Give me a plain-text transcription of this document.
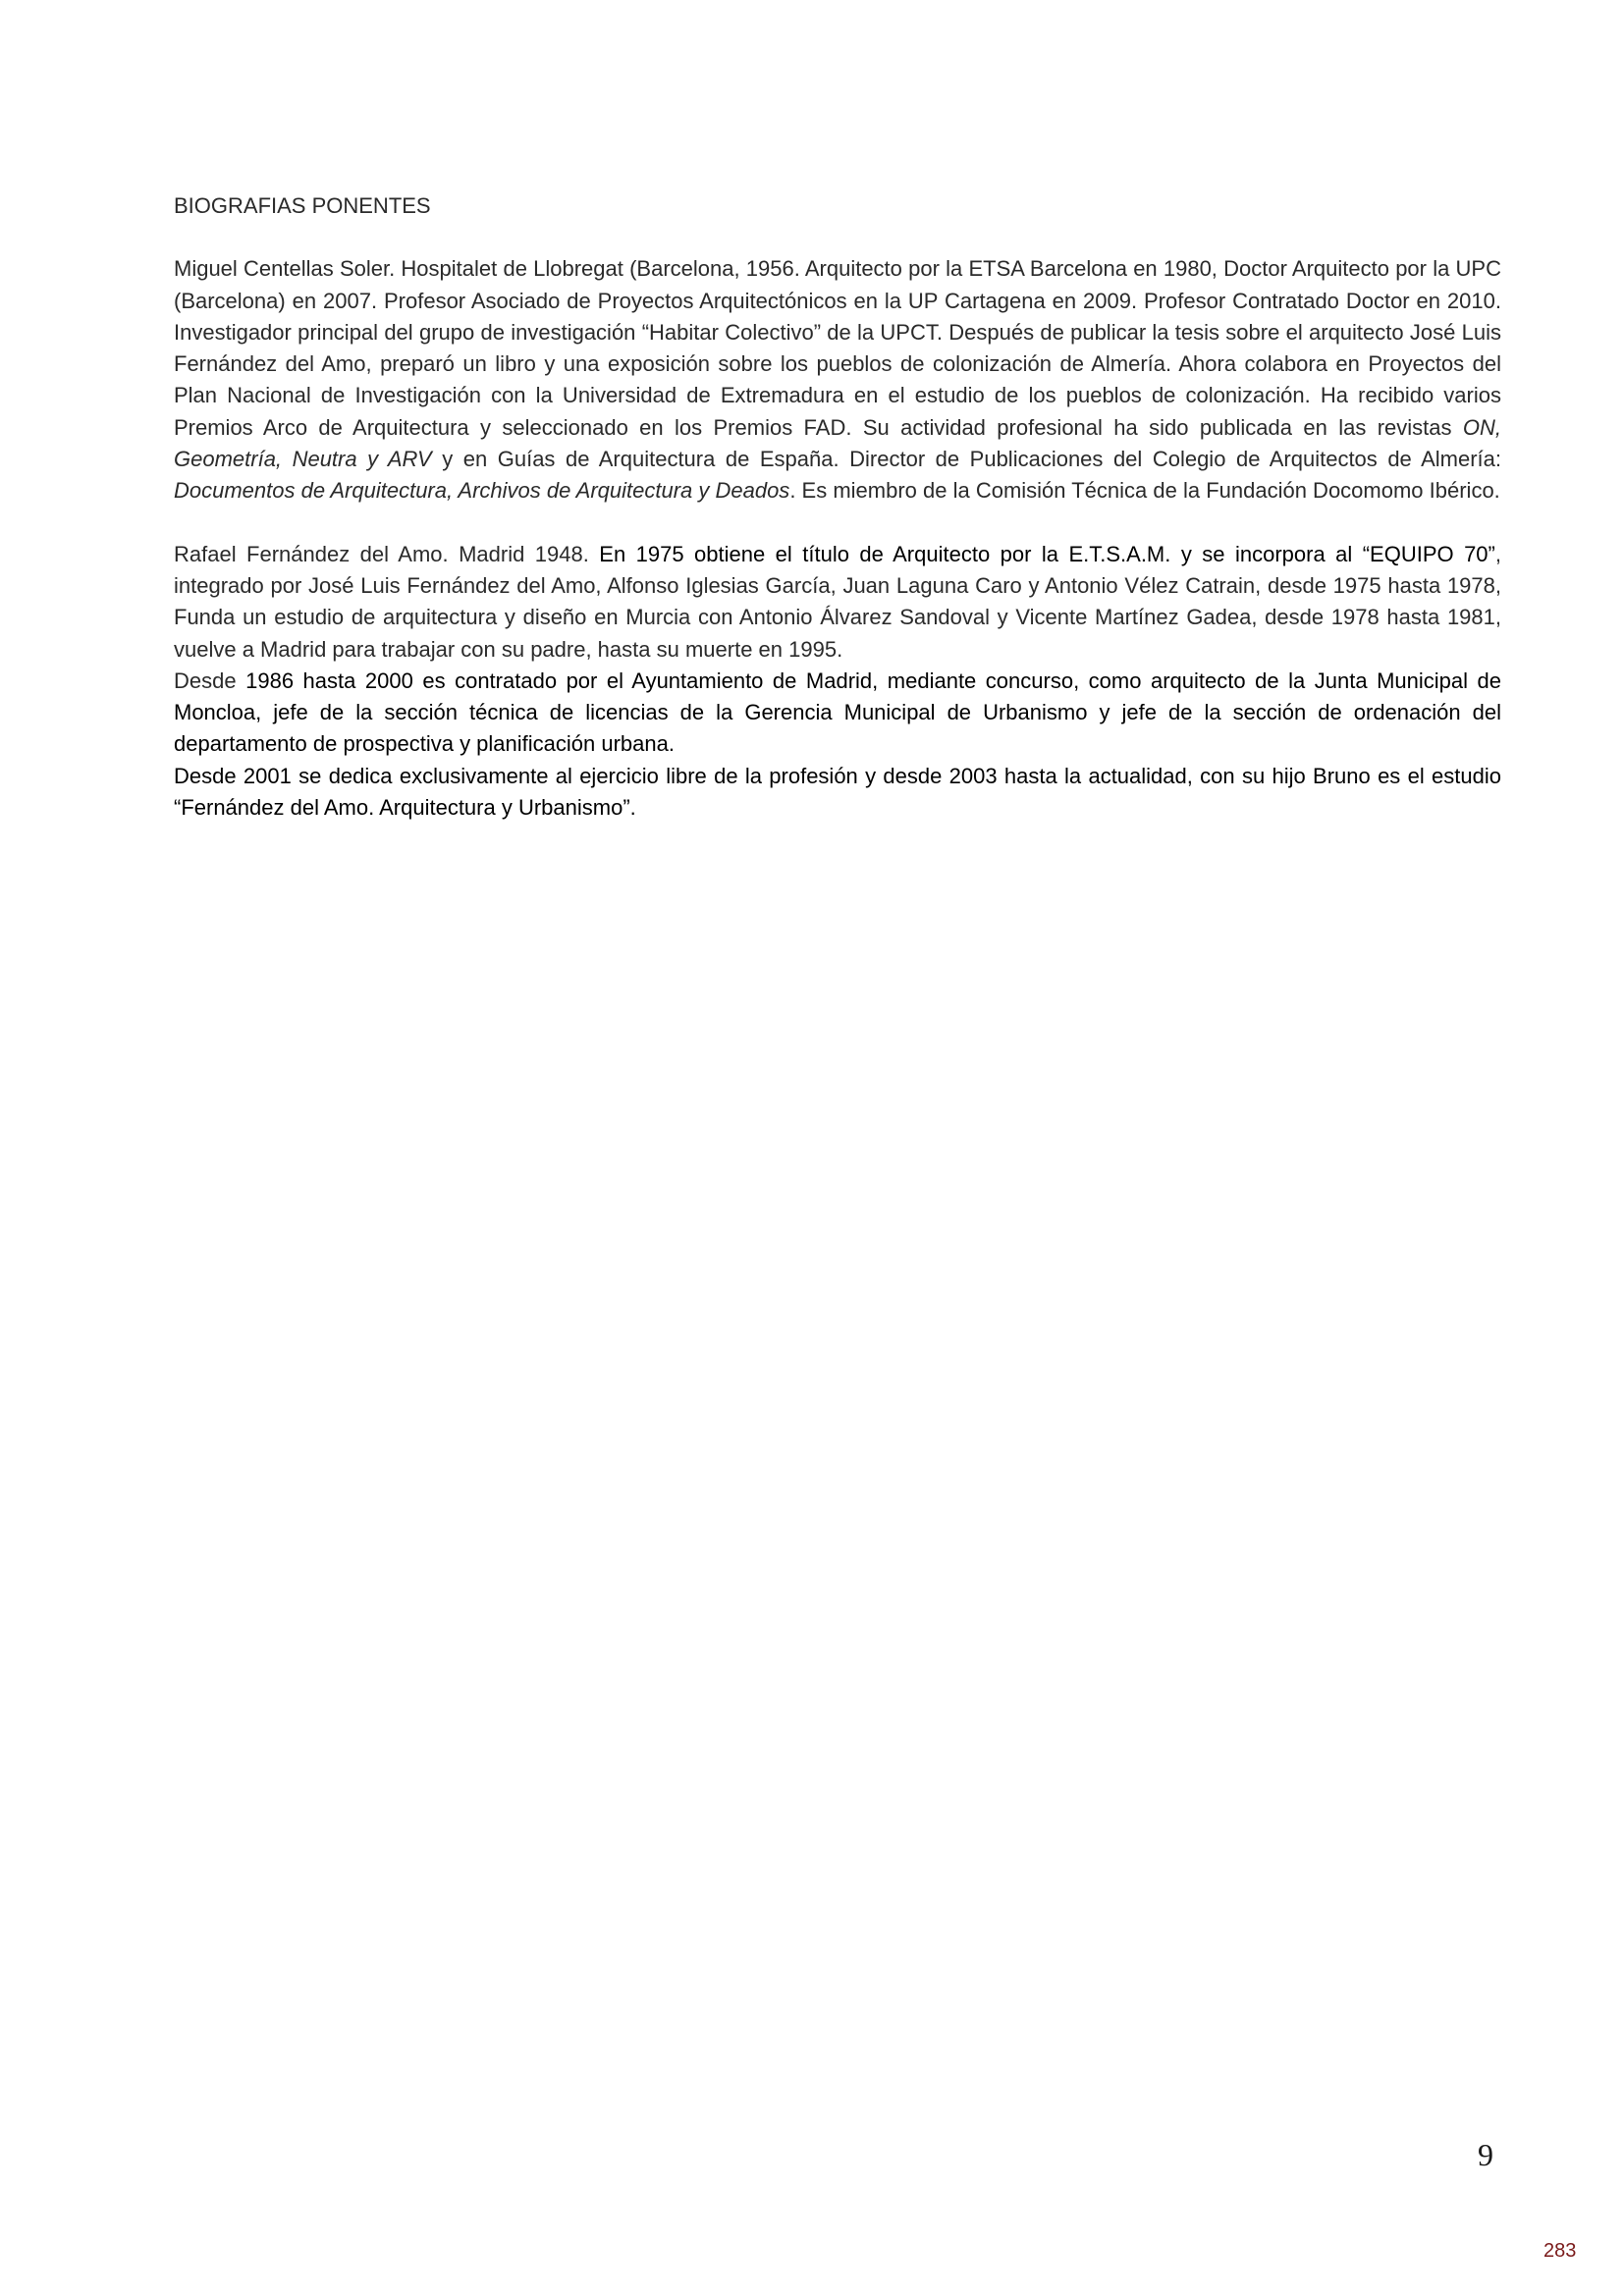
BIOGRAFIAS PONENTES

Miguel Centellas Soler. Hospitalet de Llobregat (Barcelona, 1956. Arquitecto por la ETSA Barcelona en 1980, Doctor Arquitecto por la UPC (Barcelona) en 2007. Profesor Asociado de Proyectos Arquitectónicos en la UP Cartagena en 2009. Profesor Contratado Doctor en 2010. Investigador principal del grupo de investigación “Habitar Colectivo” de la UPCT. Después de publicar la tesis sobre el arquitecto José Luis Fernández del Amo, preparó un libro y una exposición sobre los pueblos de colonización de Almería. Ahora colabora en Proyectos del Plan Nacional de Investigación con la Universidad de Extremadura en el estudio de los pueblos de colonización. Ha recibido varios Premios Arco de Arquitectura y seleccionado en los Premios FAD. Su actividad profesional ha sido publicada en las revistas ON, Geometría, Neutra y ARV y en Guías de Arquitectura de España. Director de Publicaciones del Colegio de Arquitectos de Almería: Documentos de Arquitectura, Archivos de Arquitectura y Deados. Es miembro de la Comisión Técnica de la Fundación Docomomo Ibérico.

Rafael Fernández del Amo. Madrid 1948. En 1975 obtiene el título de Arquitecto por la E.T.S.A.M. y se incorpora al “EQUIPO 70”, integrado por José Luis Fernández del Amo, Alfonso Iglesias García, Juan Laguna Caro y Antonio Vélez Catrain, desde 1975 hasta 1978, Funda un estudio de arquitectura y diseño en Murcia con Antonio Álvarez Sandoval y Vicente Martínez Gadea, desde 1978 hasta 1981, vuelve a Madrid para trabajar con su padre, hasta su muerte en 1995.

Desde 1986 hasta 2000 es contratado por el Ayuntamiento de Madrid, mediante concurso, como arquitecto de la Junta Municipal de Moncloa, jefe de la sección técnica de licencias de la Gerencia Municipal de Urbanismo y jefe de la sección de ordenación del departamento de prospectiva y planificación urbana.

Desde 2001 se dedica exclusivamente al ejercicio libre de la profesión y desde 2003 hasta la actualidad, con su hijo Bruno es el estudio “Fernández del Amo. Arquitectura y Urbanismo”.

9
283
